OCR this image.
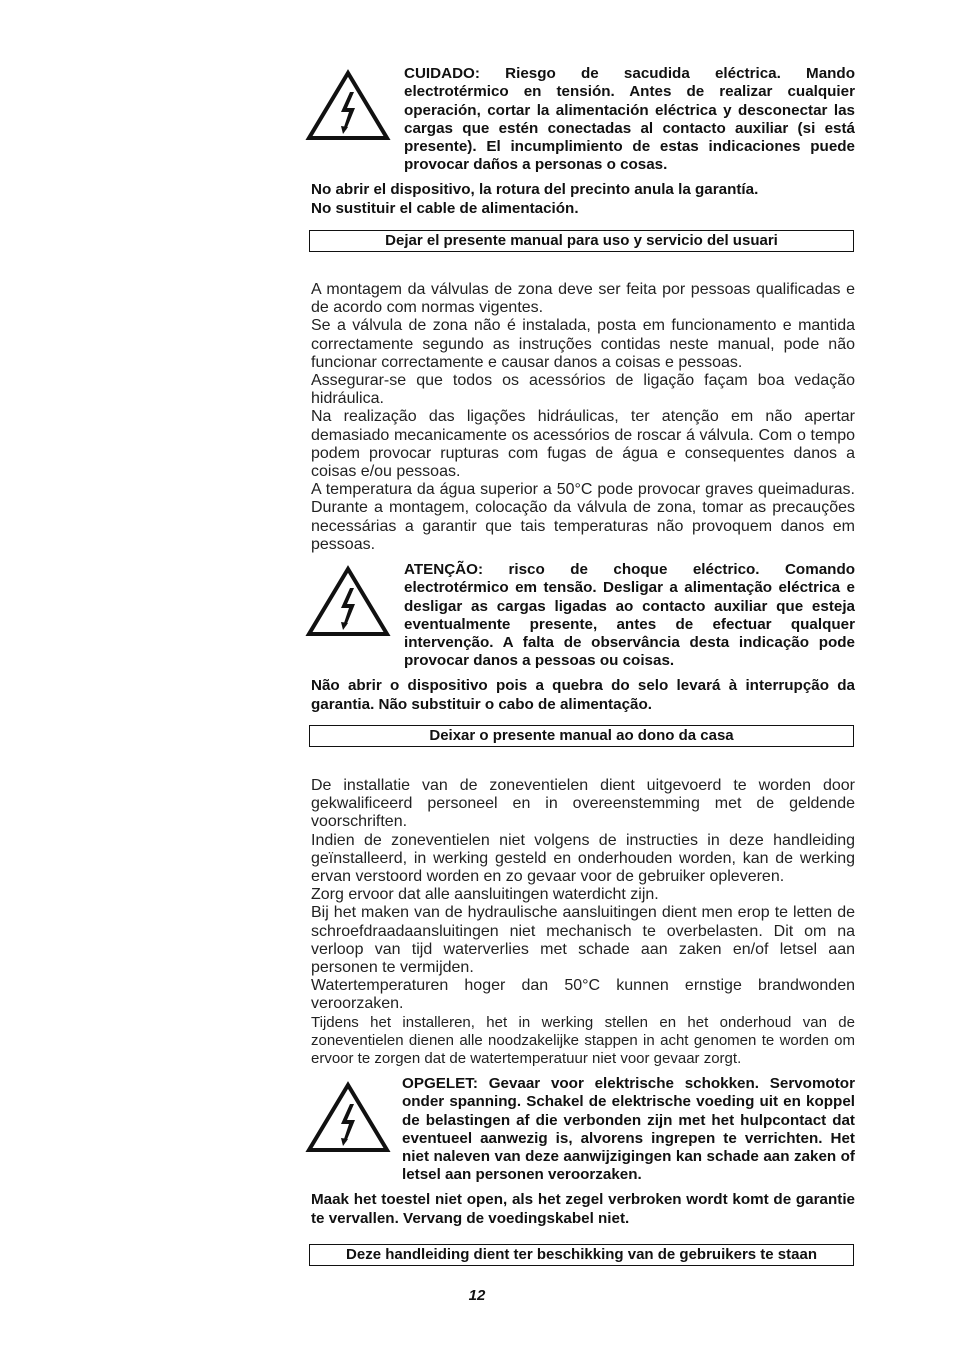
CUIDADO: Riesgo de sacudida eléctrica. Mando electrotérmico en tensión. Antes de realizar cualquier operación, cortar la alimentación eléctrica y desconectar las cargas que estén conectadas al contacto auxiliar (si está presente). El incumplimiento de estas indicaciones puede provocar daños a personas o cosas.
No abrir el dispositivo, la rotura del precinto anula la garantía.
No sustituir el cable de alimentación.
Dejar el presente manual para uso y servicio del usuari

A montagem da válvulas de zona deve ser feita por pessoas qualificadas e de acordo com normas vigentes.

Se a válvula de zona não é instalada, posta em funcionamento e mantida correctamente segundo as instruções contidas neste manual, pode não funcionar correctamente e causar danos a coisas e pessoas.

Assegurar-se que todos os acessórios de ligação façam boa vedação hidráulica.

Na realização das ligações hidráulicas, ter atenção em não apertar demasiado mecanicamente os acessórios de roscar á válvula. Com o tempo podem provocar rupturas com fugas de água e consequentes danos a coisas e/ou pessoas.

A temperatura da água superior a 50°C pode provocar graves queimaduras. Durante a montagem, colocação da válvula de zona, tomar as precauções necessárias a garantir que tais temperaturas não provoquem danos em pessoas.

ATENÇÃO: risco de choque eléctrico. Comando electrotérmico em tensão. Desligar a alimentação eléctrica e desligar as cargas ligadas ao contacto auxiliar que esteja eventualmente presente, antes de efectuar qualquer intervenção. A falta de observância desta indicação pode provocar danos a pessoas ou coisas.
Não abrir o dispositivo pois a quebra do selo levará à interrupção da garantia. Não substituir o cabo de alimentação.
Deixar o presente manual ao dono da casa

De installatie van de zoneventielen dient uitgevoerd te worden door gekwalificeerd personeel en in overeenstemming met de geldende voorschriften.

Indien de zoneventielen niet volgens de instructies in deze handleiding geïnstalleerd, in werking gesteld en onderhouden worden, kan de werking ervan verstoord worden en zo gevaar voor de gebruiker opleveren.

Zorg ervoor dat alle aansluitingen waterdicht zijn.

Bij het maken van de hydraulische aansluitingen dient men erop te letten de schroefdraadaansluitingen niet mechanisch te overbelasten. Dit om na verloop van tijd waterverlies met schade aan zaken en/of letsel aan personen te vermijden.

Watertemperaturen hoger dan 50°C kunnen ernstige brandwonden veroorzaken.

Tijdens het installeren, het in werking stellen en het onderhoud van de zoneventielen dienen alle noodzakelijke stappen in acht genomen te worden om ervoor te zorgen dat de watertemperatuur niet voor gevaar zorgt.

OPGELET: Gevaar voor elektrische schokken. Servomotor onder spanning. Schakel de elektrische voeding uit en koppel de belastingen af die verbonden zijn met het hulpcontact dat eventueel aanwezig is, alvorens ingrepen te verrichten. Het niet naleven van deze aanwijzigingen kan schade aan zaken of letsel aan personen veroorzaken.
Maak het toestel niet open, als het zegel verbroken wordt komt de garantie te vervallen. Vervang de voedingskabel niet.
Deze handleiding dient ter beschikking van de gebruikers te staan
12
